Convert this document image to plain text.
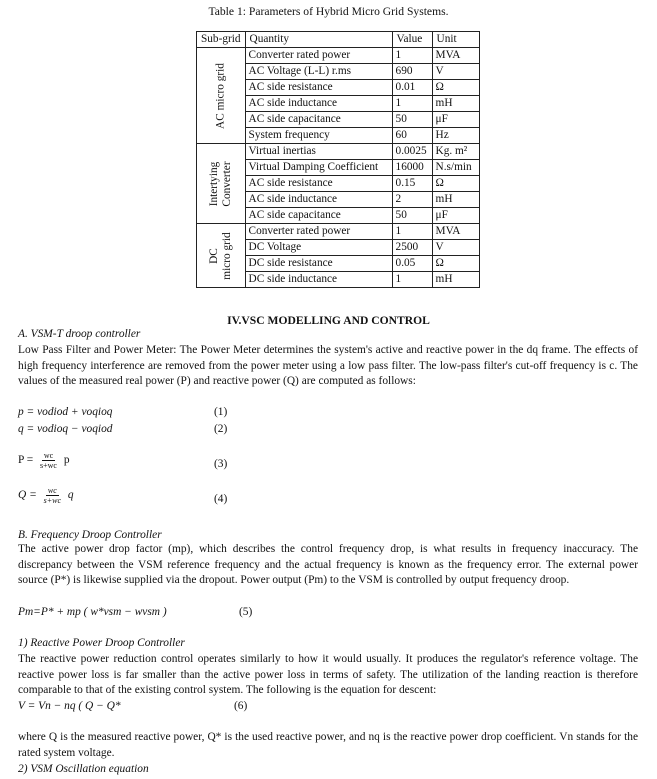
Table 1: Parameters of Hybrid Micro Grid Systems.
Sub-grid	Quantity	Value	Unit

AC micro grid	Converter rated power	1	MVA
	AC Voltage (L-L) r.ms	690	V
	AC side resistance	0.01	Ω
	AC side inductance	1	mH
	AC side capacitance	50	μF
	System frequency	60	Hz

Intertying Converter	Virtual inertias	0.0025	Kg. m²
	Virtual Damping Coefficient	16000	N.s/min
	AC side resistance	0.15	Ω
	AC side inductance	2	mH
	AC side capacitance	50	μF

DC micro grid	Converter rated power	1	MVA
	DC Voltage	2500	V
	DC side resistance	0.05	Ω
	DC side inductance	1	mH
IV.VSC MODELLING AND CONTROL
A. VSM-T droop controller
Low Pass Filter and Power Meter: The Power Meter determines the system's active and reactive power in the dq frame. The effects of high frequency interference are removed from the power meter using a low pass filter. The low-pass filter's cut-off frequency is c. The values of the measured real power (P) and reactive power (Q) are computed as follows:
p = vodiod + voqioq	(1)
q = vodioq − voqiod	(2)
$P = \frac{wc}{s+wc}$ p	(3)
$Q = \frac{wc}{s+wc}$ q	(4)
B. Frequency Droop Controller
The active power drop factor (mp), which describes the control frequency drop, is what results in frequency inaccuracy. The discrepancy between the VSM reference frequency and the actual frequency is known as the frequency error. The external power source (P*) is likewise supplied via the dropout. Power output (Pm) to the VSM is controlled by output frequency droop.
Pm=P* + mp ( w*vsm − wvsm )	(5)
1) Reactive Power Droop Controller
The reactive power reduction control operates similarly to how it would usually. It produces the regulator's reference voltage. The reactive power loss is far smaller than the active power loss in terms of safety. The utilization of the landing reaction is therefore comparable to that of the existing control system. The following is the equation for descent:
V = Vn − nq ( Q − Q*	(6)
where Q is the measured reactive power, Q* is the used reactive power, and nq is the reactive power drop coefficient. Vn stands for the rated system voltage.
2) VSM Oscillation equation
